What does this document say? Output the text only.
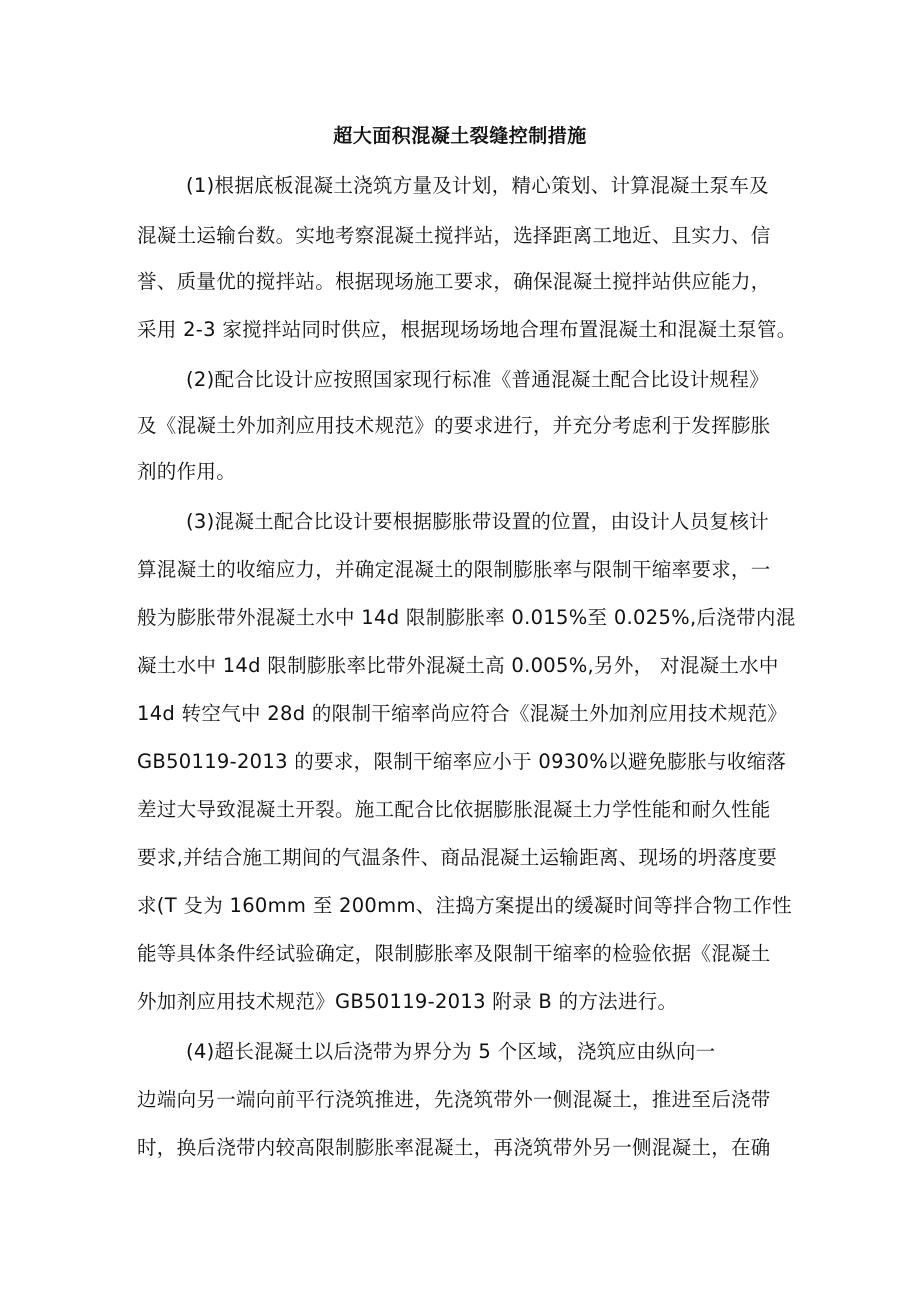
超大面积混凝土裂缝控制措施
(1)根据底板混凝土浇筑方量及计划，精心策划、计算混凝土泵车及
混凝土运输台数。实地考察混凝土搅拌站，选择距离工地近、且实力、信
誉、质量优的搅拌站。根据现场施工要求，确保混凝土搅拌站供应能力，
采用 2-3 家搅拌站同时供应，根据现场场地合理布置混凝土和混凝土泵管。
(2)配合比设计应按照国家现行标准《普通混凝土配合比设计规程》
及《混凝土外加剂应用技术规范》的要求进行，并充分考虑利于发挥膨胀
剂的作用。
(3)混凝土配合比设计要根据膨胀带设置的位置，由设计人员复核计
算混凝土的收缩应力，并确定混凝土的限制膨胀率与限制干缩率要求，一
般为膨胀带外混凝土水中 14d 限制膨胀率 0.015%至 0.025%,后浇带内混
凝土水中 14d 限制膨胀率比带外混凝土高 0.005%,另外， 对混凝土水中
14d 转空气中 28d 的限制干缩率尚应符合《混凝土外加剂应用技术规范》
GB50119-2013 的要求，限制干缩率应小于 0930%以避免膨胀与收缩落
差过大导致混凝土开裂。施工配合比依据膨胀混凝土力学性能和耐久性能
要求,并结合施工期间的气温条件、商品混凝土运输距离、现场的坍落度要
求(T 殳为 160mm 至 200mm、注捣方案提出的缓凝时间等拌合物工作性
能等具体条件经试验确定，限制膨胀率及限制干缩率的检验依据《混凝土
外加剂应用技术规范》GB50119-2013 附录 B 的方法进行。
(4)超长混凝土以后浇带为界分为 5 个区域，浇筑应由纵向一
边端向另一端向前平行浇筑推进，先浇筑带外一侧混凝土，推进至后浇带
时，换后浇带内较高限制膨胀率混凝土，再浇筑带外另一侧混凝土，在确
